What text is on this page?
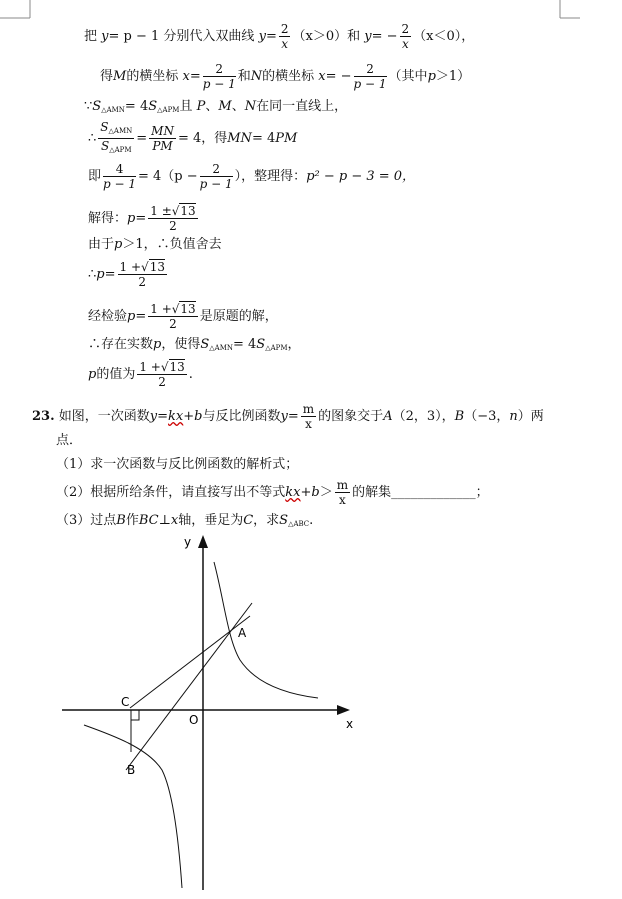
把 y= p − 1 分别代入双曲线 $y= \frac{2}{x} (x>0)$和 $y= - \frac{2}{x} (x<0)$，
得M的横坐标 $x= \frac{2}{p - 1}$ 和N的横坐标 $x= - \frac{2}{p - 1}$ （其中p＞1）
$\because S_{\triangle AMN}= 4S_{\triangle APM}$且 P、M、N在同一直线上，
∴ $\frac{S_{\triangle AMN}}{S_{\triangle APM}} = \frac{MN}{PM} = 4$，得MN= 4PM
即 $\frac{4}{p - 1} = 4(p - \frac{2}{p - 1}$ ），整理得：p² − p − 3 = 0，
解得：$p= \frac{1 \pm√13}{2}$
由于p＞1，∴负值舍去
∴p= $\frac{1 +√13}{2}$
经检验$p= \frac{1 +√13}{2}$ 是原题的解，
∴存在实数p，使得$S_{\triangle AMN}= 4S_{\triangle APM}$，
p的值为 $\frac{1 +√13}{2}$ .
23. 如图，一次函数y=kx+b与反比例函数$y= \frac{m}{x}$ 的图象交于A（2，3），B（−3，n）两
点．
（1）求一次函数与反比例函数的解析式；
（2）根据所给条件，请直接写出不等式$kx+b> \frac{m}{x}$ 的解集_____________；
（3）过点B作BC⊥x轴，垂足为C，求$S_{\triangle ABC}$.
y
x
O
A
B
C
